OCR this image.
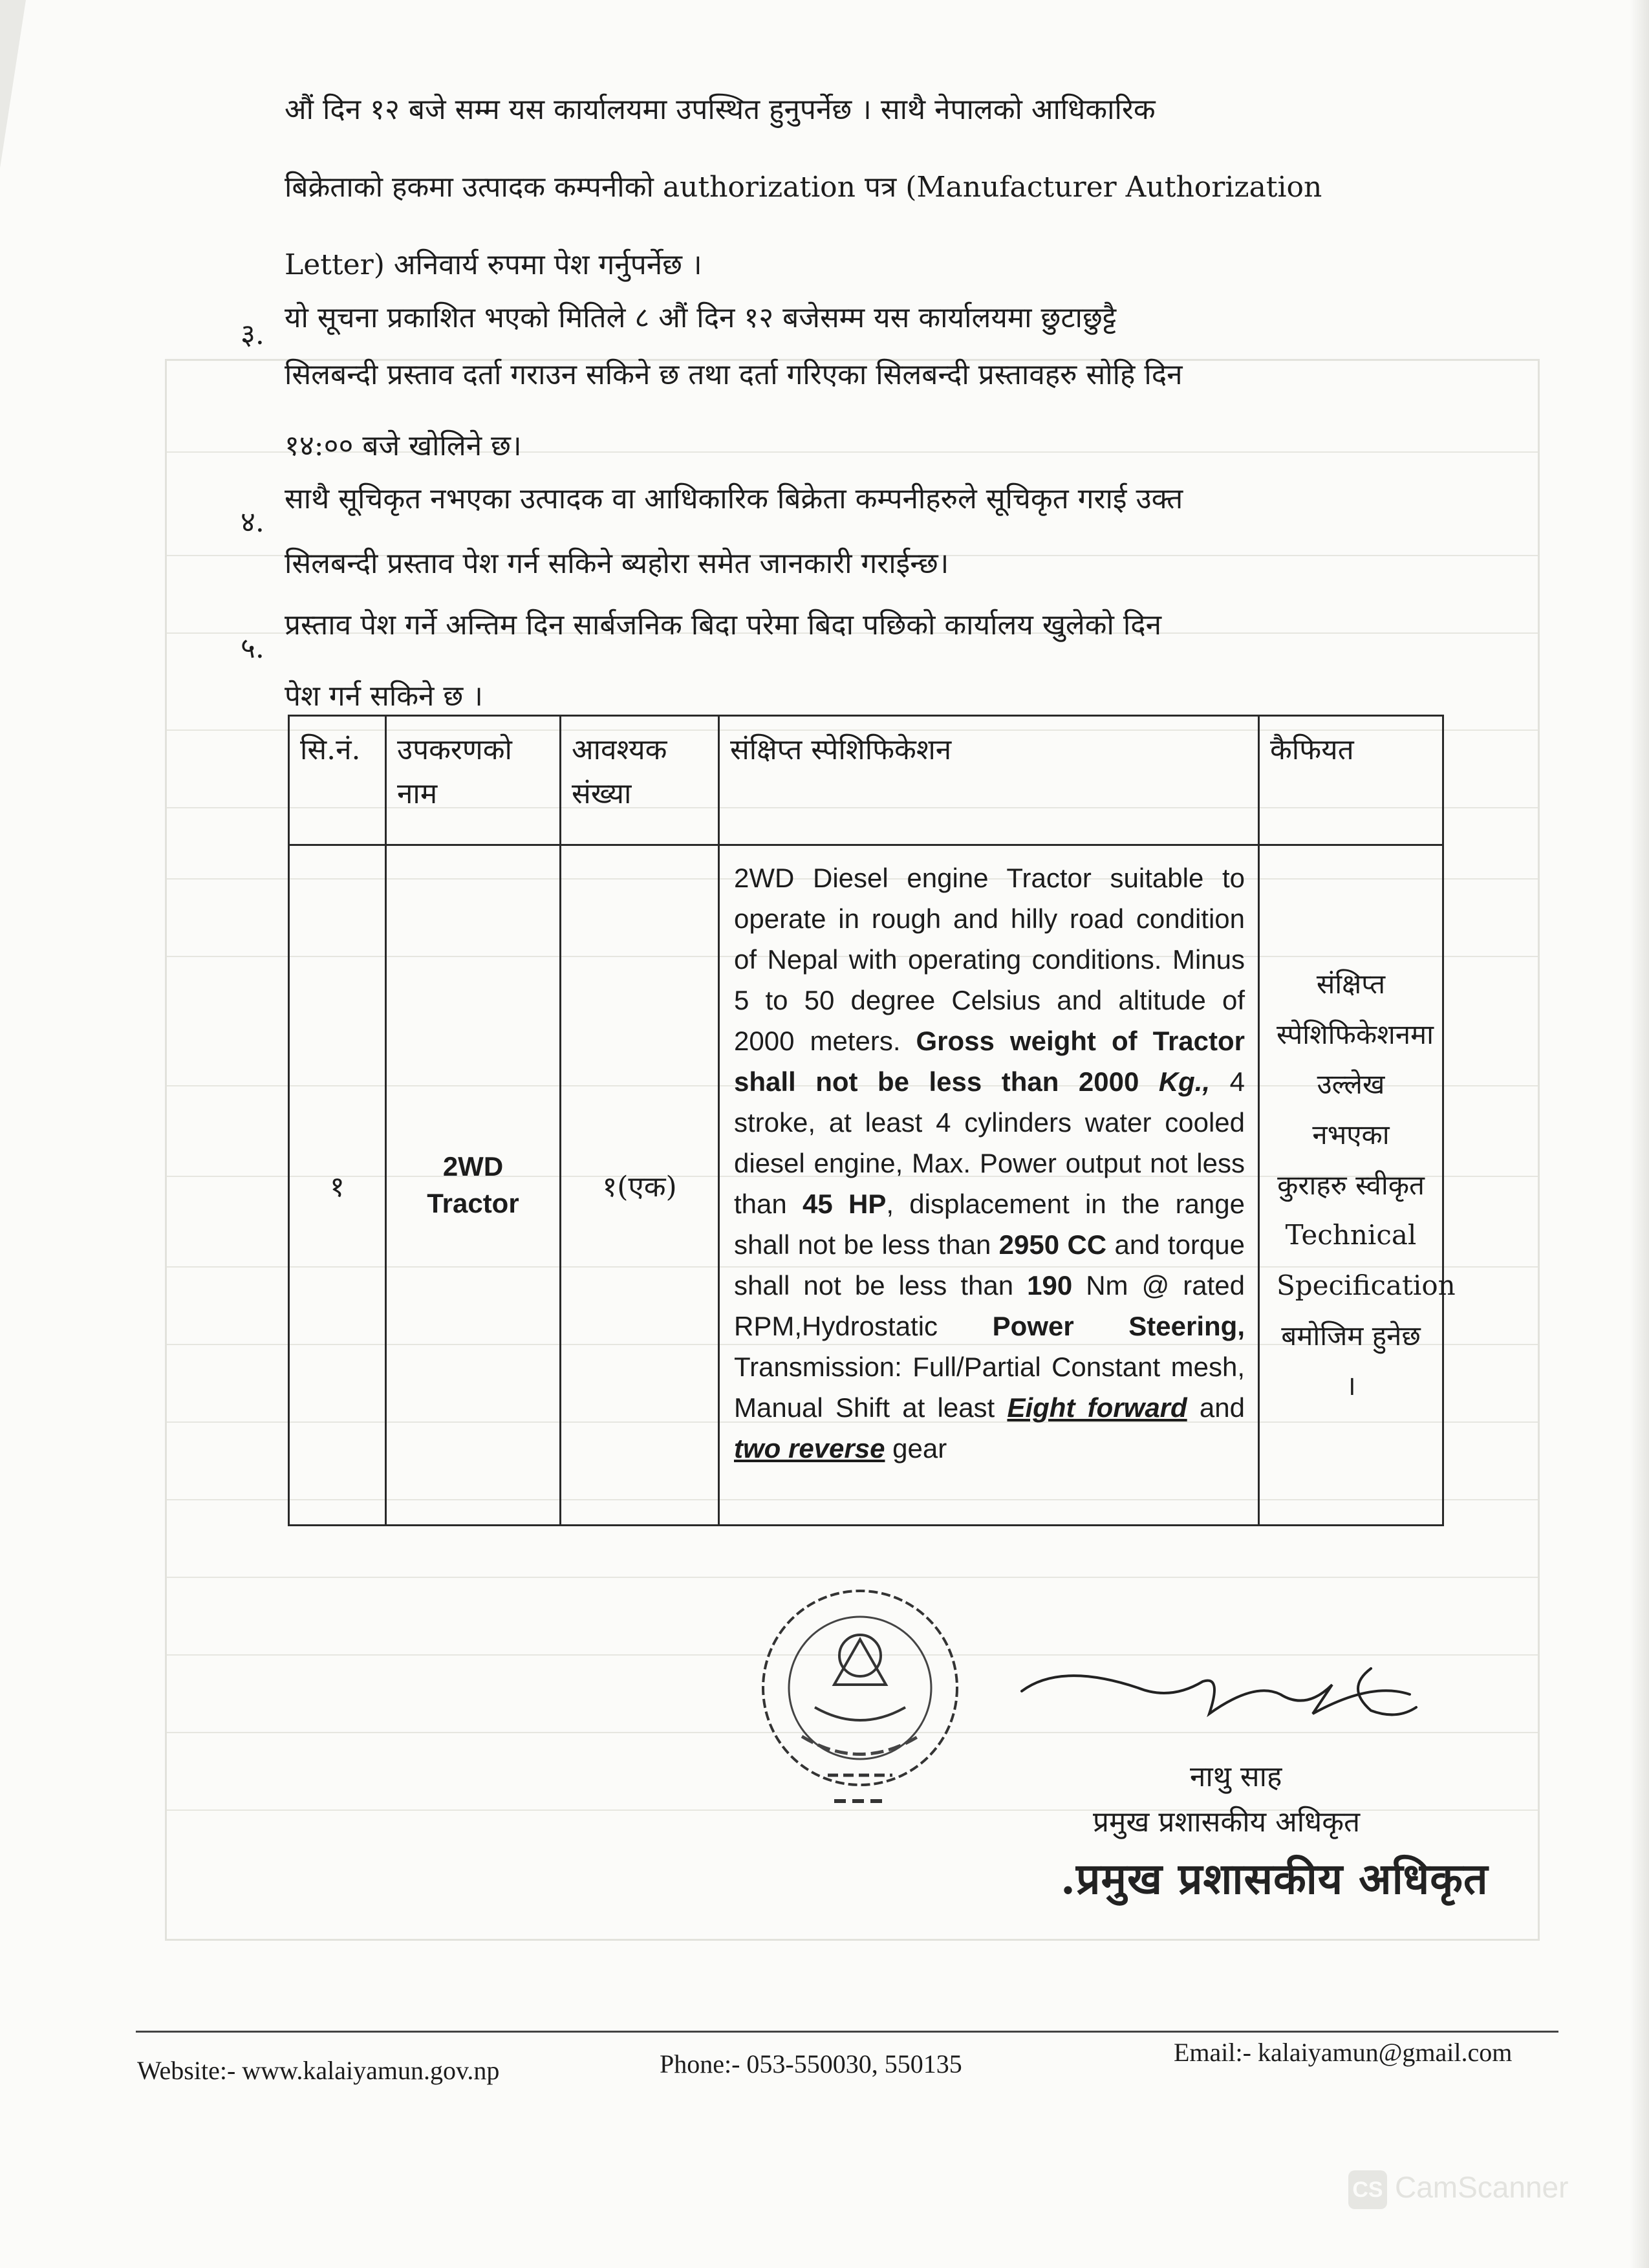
औं दिन १२ बजे सम्म यस कार्यालयमा उपस्थित हुनुपर्नेछ । साथै नेपालको आधिकारिक
बिक्रेताको हकमा उत्पादक कम्पनीको authorization पत्र (Manufacturer Authorization
Letter) अनिवार्य रुपमा पेश गर्नुपर्नेछ ।
३.
यो सूचना प्रकाशित भएको मितिले ८ औं दिन १२ बजेसम्म यस कार्यालयमा छुटाछुट्टै
सिलबन्दी प्रस्ताव दर्ता गराउन सकिने छ तथा दर्ता गरिएका सिलबन्दी प्रस्तावहरु सोहि दिन
१४:०० बजे खोलिने छ।
४.
साथै सूचिकृत नभएका उत्पादक वा आधिकारिक बिक्रेता कम्पनीहरुले सूचिकृत गराई उक्त
सिलबन्दी प्रस्ताव पेश गर्न सकिने ब्यहोरा समेत जानकारी गराईन्छ।
५.
प्रस्ताव पेश गर्ने अन्तिम दिन सार्बजनिक बिदा परेमा बिदा पछिको कार्यालय खुलेको दिन
पेश गर्न सकिने छ ।
सि.नं.	उपकरणको नाम	आवश्यक संख्या	संक्षिप्त स्पेशिफिकेशन	कैफियत
१	2WD Tractor	१(एक)	2WD Diesel engine Tractor suitable to operate in rough and hilly road condition of Nepal with operating conditions. Minus 5 to 50 degree Celsius and altitude of 2000 meters. Gross weight of Tractor shall not be less than 2000 Kg., 4 stroke, at least 4 cylinders water cooled diesel engine, Max. Power output not less than 45 HP, displacement in the range shall not be less than 2950 CC and torque shall not be less than 190 Nm @ rated RPM,Hydrostatic Power Steering, Transmission: Full/Partial Constant mesh, Manual Shift at least Eight forward and two reverse gear	संक्षिप्त स्पेशिफिकेशनमा उल्लेख नभएका कुराहरु स्वीकृत Technical Specification बमोजिम हुनेछ ।
नाथु साह
प्रमुख प्रशासकीय अधिकृत
.प्रमुख प्रशासकीय अधिकृत
Website:- www.kalaiyamun.gov.np	Phone:- 053-550030, 550135	Email:- kalaiyamun@gmail.com
CS CamScanner
